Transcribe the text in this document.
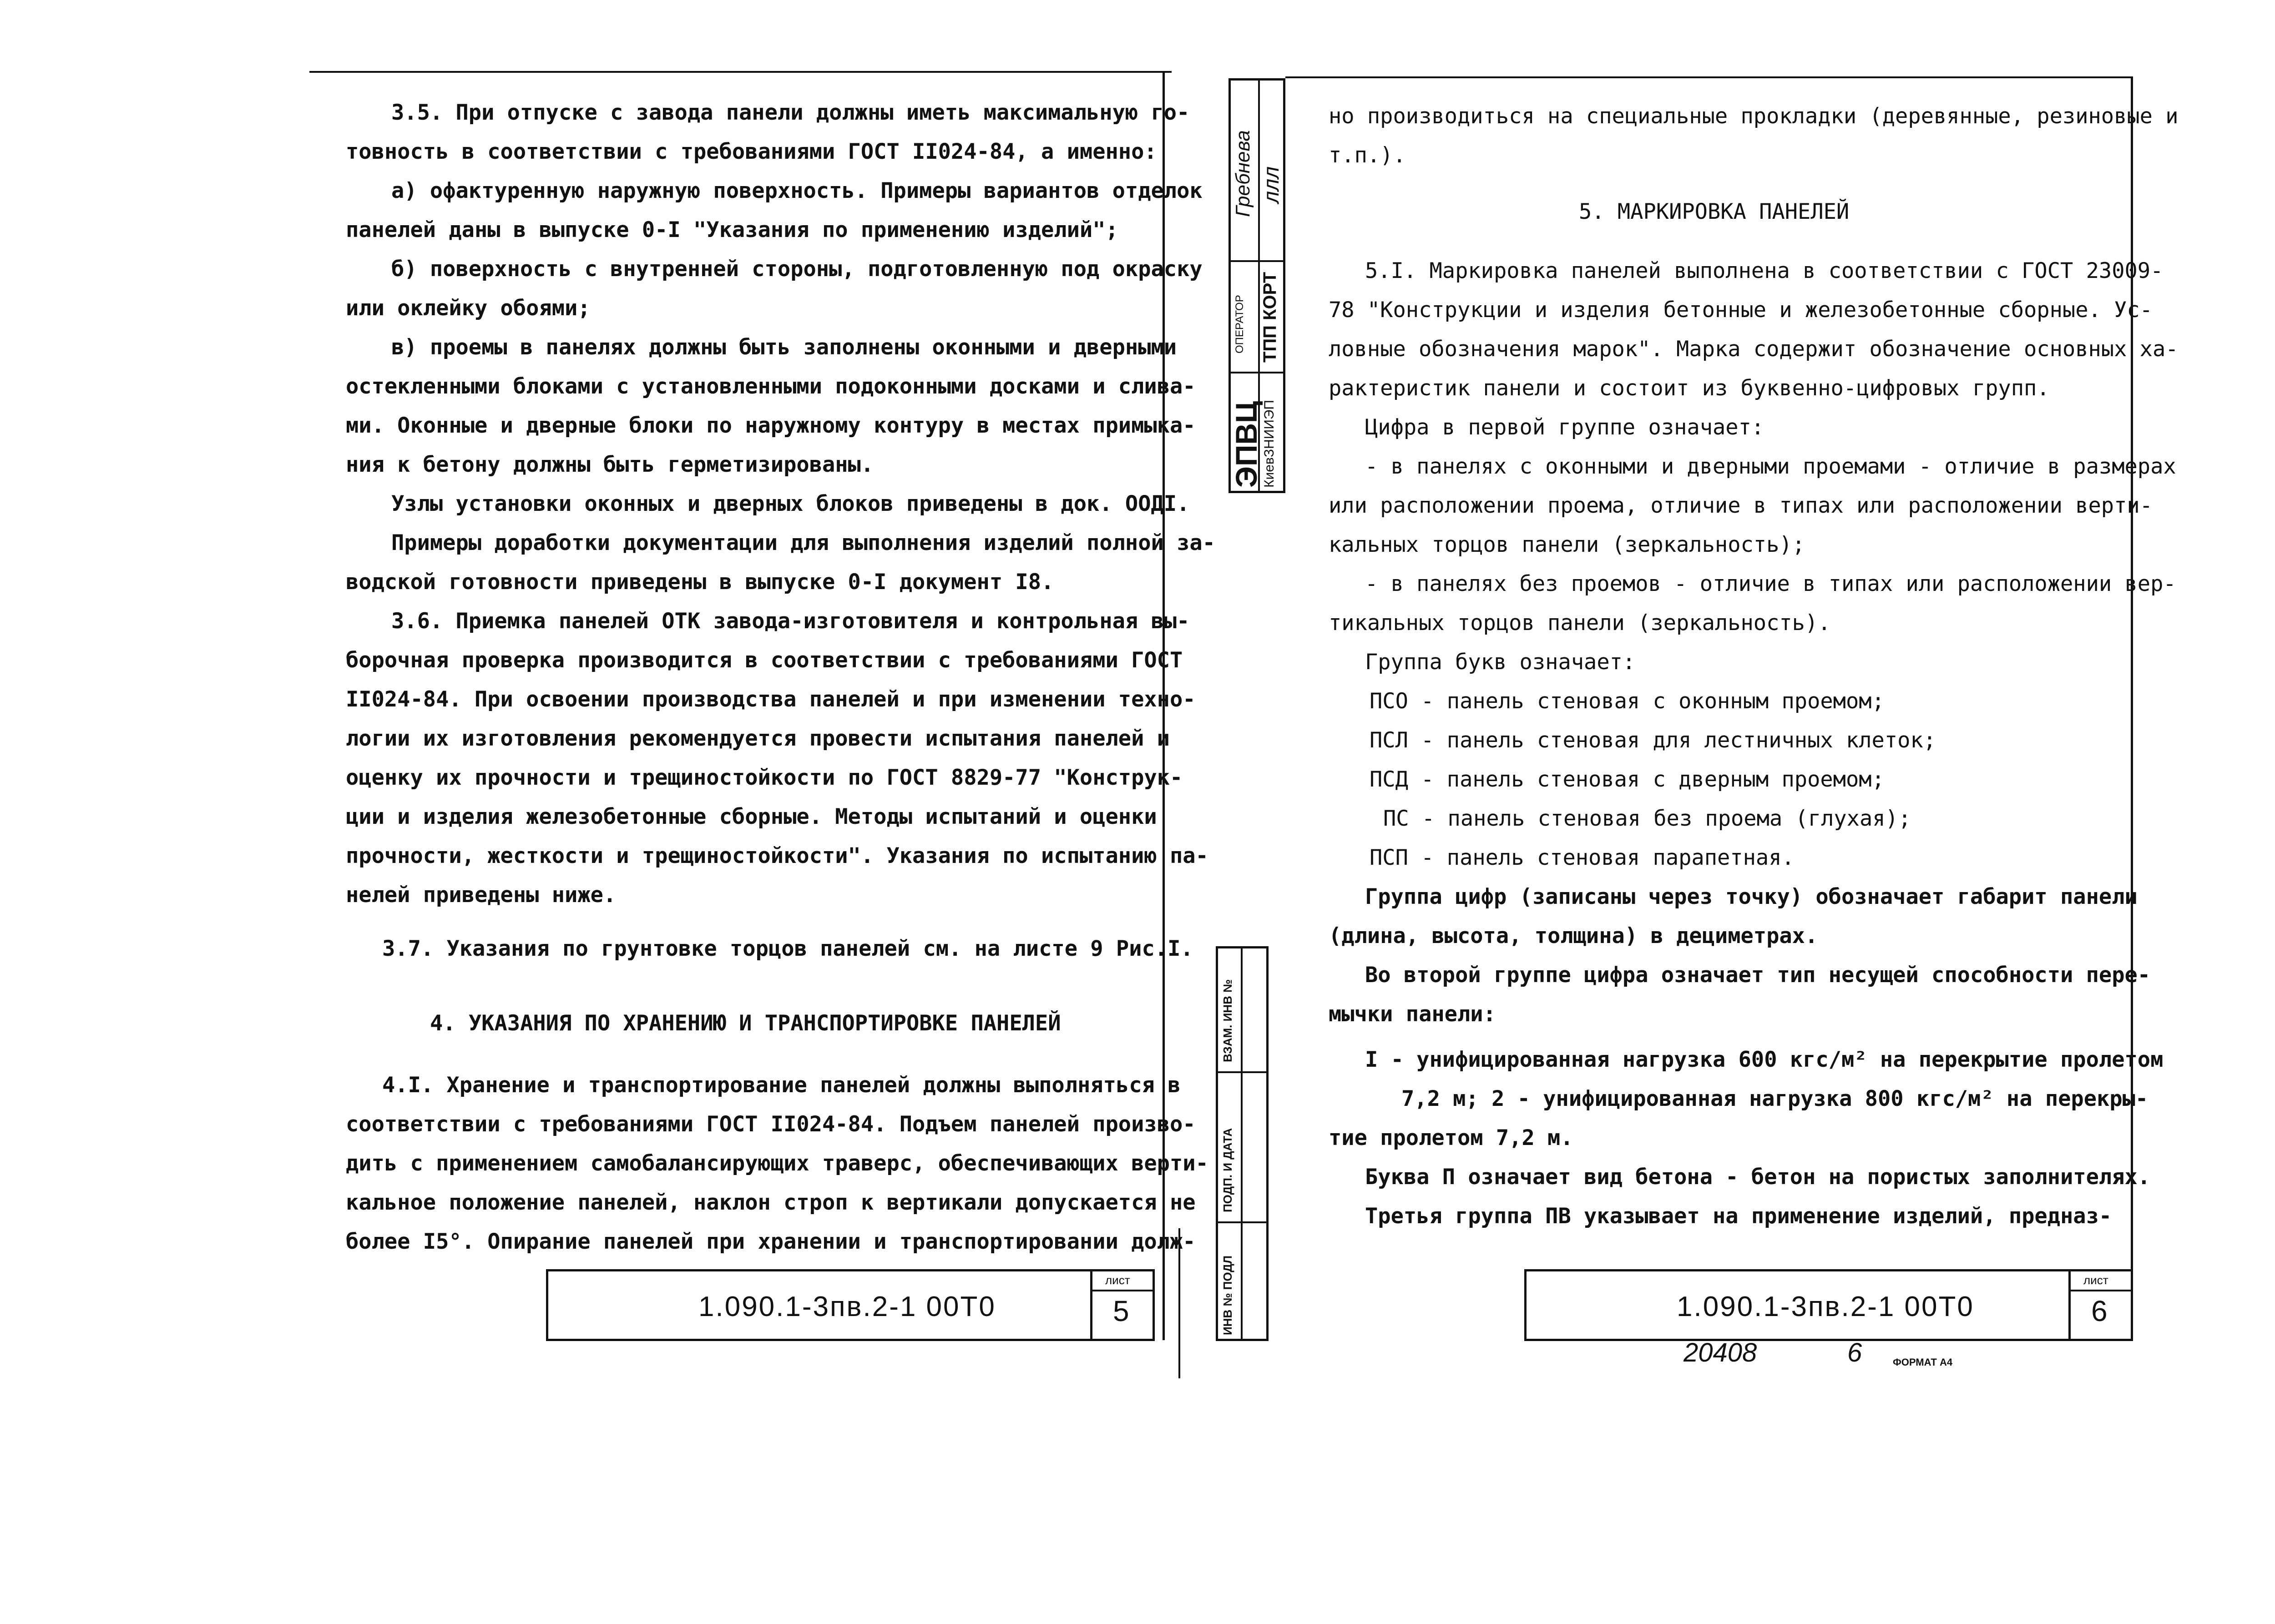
3.5. При отпуске с завода панели должны иметь максимальную го-
товность в соответствии с требованиями ГОСТ II024-84, а именно:
а) офактуренную наружную поверхность. Примеры вариантов отделок
панелей даны в выпуске 0-I "Указания по применению изделий";
б) поверхность с внутренней стороны, подготовленную под окраску
или оклейку обоями;
в) проемы в панелях должны быть заполнены оконными и дверными
остекленными блоками с установленными подоконными досками и слива-
ми. Оконные и дверные блоки по наружному контуру в местах примыка-
ния к бетону должны быть герметизированы.
Узлы установки оконных и дверных блоков приведены в док. ООДI.
Примеры доработки документации для выполнения изделий полной за-
водской готовности приведены в выпуске 0-I документ I8.
3.6. Приемка панелей ОТК завода-изготовителя и контрольная вы-
борочная проверка производится в соответствии с требованиями ГОСТ
II024-84. При освоении производства панелей и при изменении техно-
логии их изготовления рекомендуется провести испытания панелей и
оценку их прочности и трещиностойкости по ГОСТ 8829-77 "Конструк-
ции и изделия железобетонные сборные. Методы испытаний и оценки
прочности, жесткости и трещиностойкости". Указания по испытанию па-
нелей приведены ниже.
3.7. Указания по грунтовке торцов панелей см. на листе 9 Рис.I.
4. УКАЗАНИЯ ПО ХРАНЕНИЮ И ТРАНСПОРТИРОВКЕ ПАНЕЛЕЙ
4.I. Хранение и транспортирование панелей должны выполняться в
соответствии с требованиями ГОСТ II024-84. Подъем панелей произво-
дить с применением самобалансирующих траверс, обеспечивающих верти-
кальное положение панелей, наклон строп к вертикали допускается не
более I5°. Опирание панелей при хранении и транспортировании долж-
1.090.1-3пв.2-1 00Т0
лист
5
Гребнева ллл
ОПЕРАТОР ТПП КОРТ
ЭПВЦ
КиевЗНИИЭП
ВЗАМ. ИНВ №
ПОДП. И ДАТА
ИНВ № ПОДЛ
но производиться на специальные прокладки (деревянные, резиновые и
т.п.).
5. МАРКИРОВКА ПАНЕЛЕЙ
5.I. Маркировка панелей выполнена в соответствии с ГОСТ 23009-
78 "Конструкции и изделия бетонные и железобетонные сборные. Ус-
ловные обозначения марок". Марка содержит обозначение основных ха-
рактеристик панели и состоит из буквенно-цифровых групп.
Цифра в первой группе означает:
- в панелях с оконными и дверными проемами - отличие в размерах
или расположении проема, отличие в типах или расположении верти-
кальных торцов панели (зеркальность);
- в панелях без проемов - отличие в типах или расположении вер-
тикальных торцов панели (зеркальность).
Группа букв означает:
ПСО - панель стеновая с оконным проемом;
ПСЛ - панель стеновая для лестничных клеток;
ПСД - панель стеновая с дверным проемом;
ПС - панель стеновая без проема (глухая);
ПСП - панель стеновая парапетная.
Группа цифр (записаны через точку) обозначает габарит панели
(длина, высота, толщина) в дециметрах.
Во второй группе цифра означает тип несущей способности пере-
мычки панели:
I - унифицированная нагрузка 600 кгс/м² на перекрытие пролетом
7,2 м; 2 - унифицированная нагрузка 800 кгс/м² на перекры-
тие пролетом 7,2 м.
Буква П означает вид бетона - бетон на пористых заполнителях.
Третья группа ПВ указывает на применение изделий, предназ-
1.090.1-3пв.2-1 00Т0
лист
6
20408	6	ФОРМАТ А4
